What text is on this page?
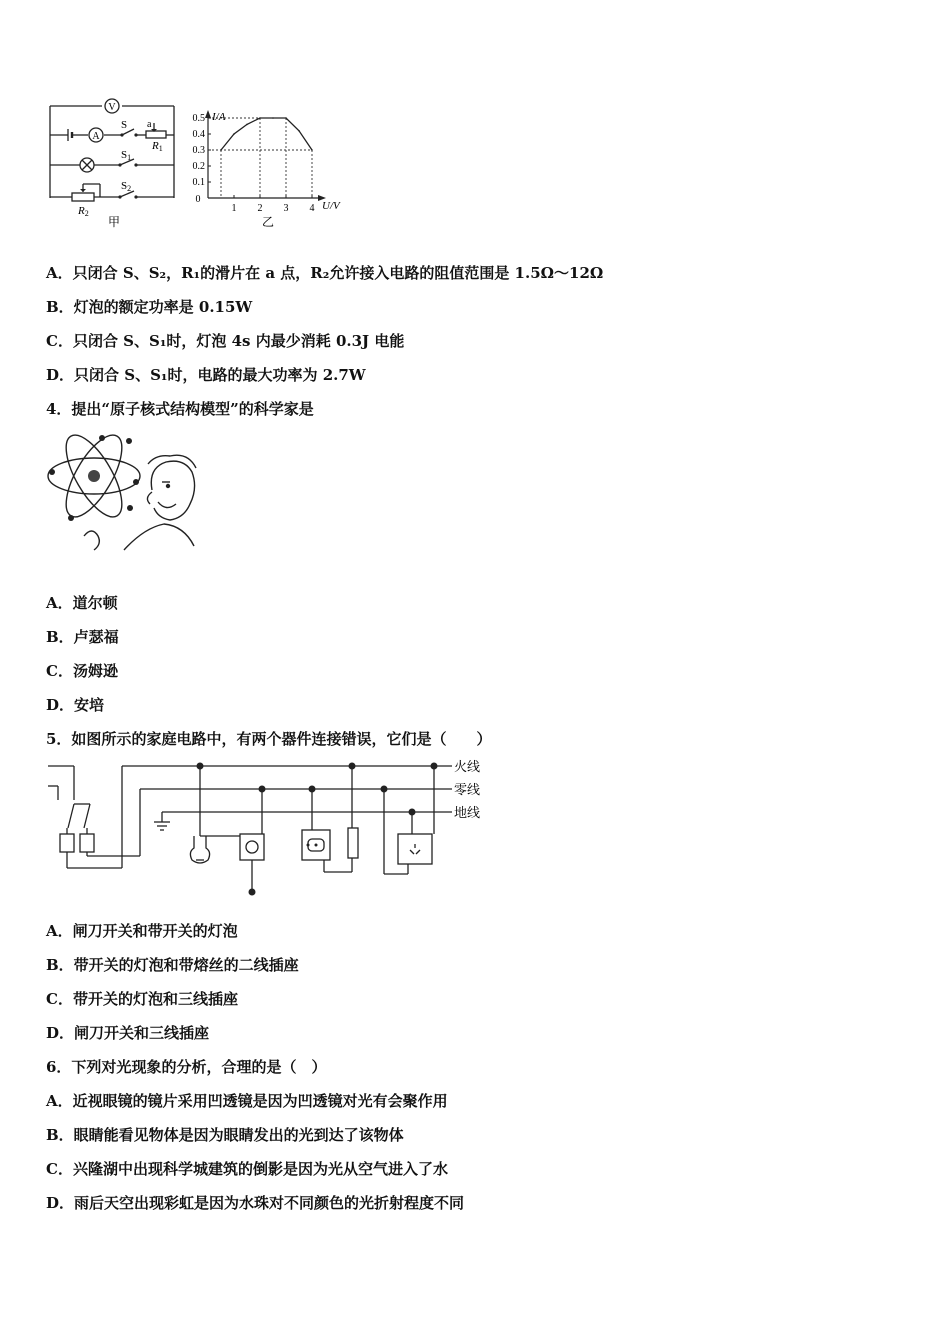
V
A
S a
R1
S1
S2
R2
甲
0
1 2 3 4
0.1
0.2
0.3
0.4
0.5 I/A
U/V
乙
A．只闭合 S、S₂，R₁的滑片在 a 点，R₂允许接入电路的阻值范围是 1.5Ω～12Ω
B．灯泡的额定功率是 0.15W
C．只闭合 S、S₁时，灯泡 4s 内最少消耗 0.3J 电能
D．只闭合 S、S₁时，电路的最大功率为 2.7W
4．提出“原子核式结构模型”的科学家是
A．道尔顿
B．卢瑟福
C．汤姆逊
D．安培
5．如图所示的家庭电路中，有两个器件连接错误，它们是（　　）
火线
零线
地线
A．闸刀开关和带开关的灯泡
B．带开关的灯泡和带熔丝的二线插座
C．带开关的灯泡和三线插座
D．闸刀开关和三线插座
6．下列对光现象的分析，合理的是（　）
A．近视眼镜的镜片采用凹透镜是因为凹透镜对光有会聚作用
B．眼睛能看见物体是因为眼睛发出的光到达了该物体
C．兴隆湖中出现科学城建筑的倒影是因为光从空气进入了水
D．雨后天空出现彩虹是因为水珠对不同颜色的光折射程度不同
